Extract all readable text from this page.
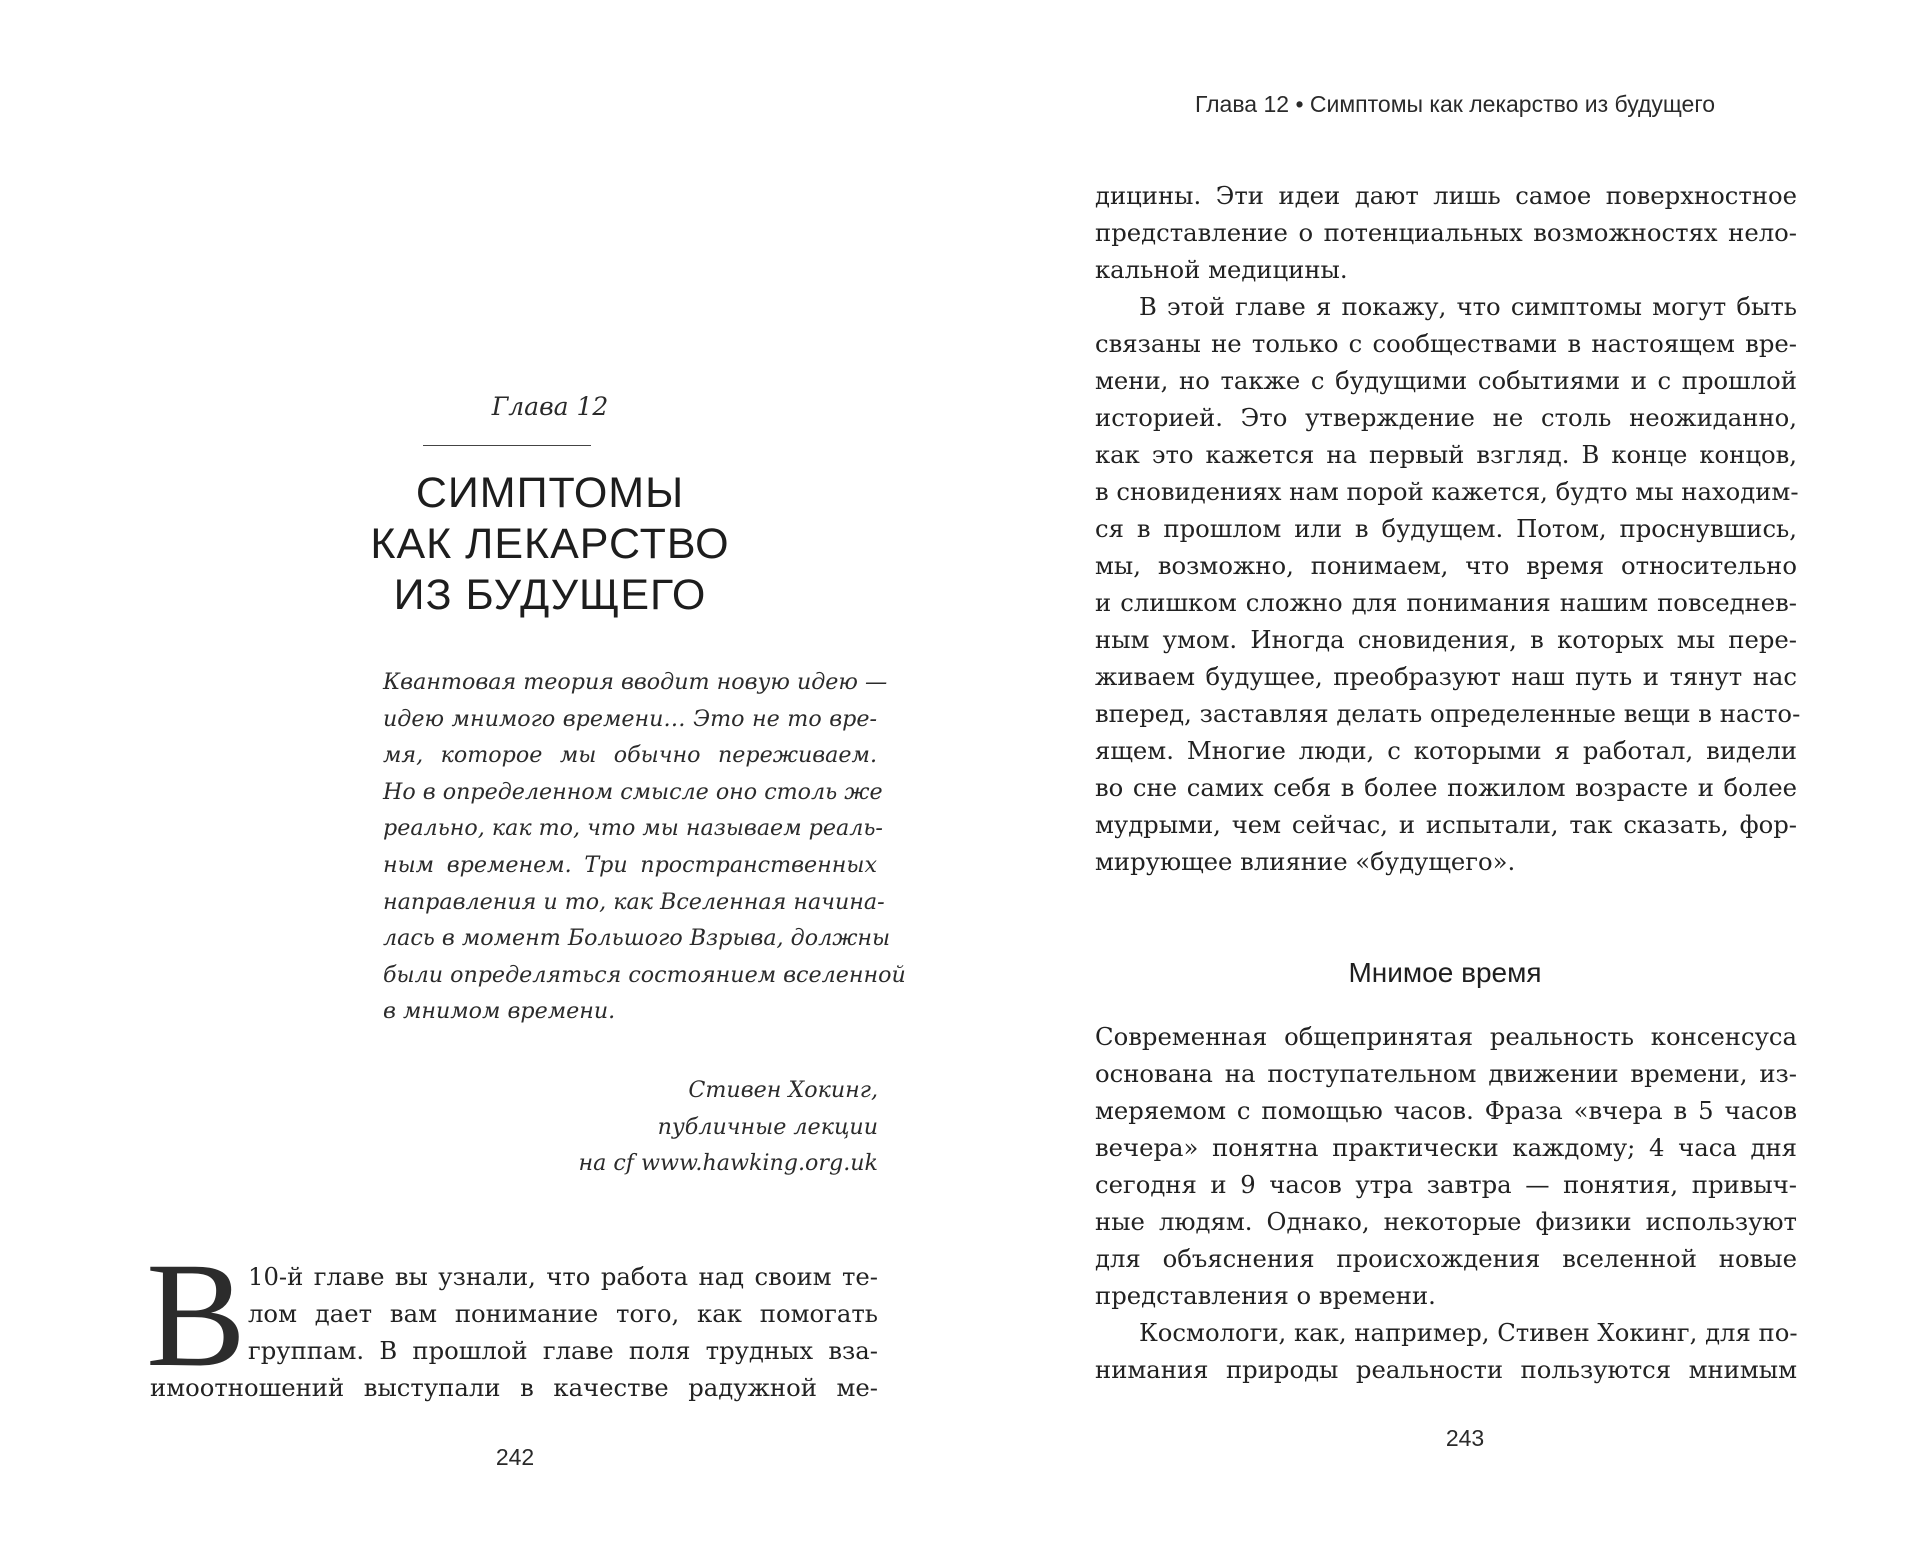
Глава 12
СИМПТОМЫ
КАК ЛЕКАРСТВО
ИЗ БУДУЩЕГО
Квантовая теория вводит новую идею —
идею мнимого времени… Это не то вре-
мя, которое мы обычно переживаем.
Но в определенном смысле оно столь же
реально, как то, что мы называем реаль-
ным временем. Три пространственных
направления и то, как Вселенная начина-
лась в момент Большого Взрыва, должны
были определяться состоянием вселенной
в мнимом времени.
Стивен Хокинг,
публичные лекции
на cf www.hawking.org.uk
В 10-й главе вы узнали, что работа над своим те-
лом дает вам понимание того, как помогать
группам. В прошлой главе поля трудных вза-
имоотношений выступали в качестве радужной ме-
242
Глава 12 • Симптомы как лекарство из будущего
дицины. Эти идеи дают лишь самое поверхностное
представление о потенциальных возможностях нело-
кальной медицины.
В этой главе я покажу, что симптомы могут быть
связаны не только с сообществами в настоящем вре-
мени, но также с будущими событиями и с прошлой
историей. Это утверждение не столь неожиданно,
как это кажется на первый взгляд. В конце концов,
в сновидениях нам порой кажется, будто мы находим-
ся в прошлом или в будущем. Потом, проснувшись,
мы, возможно, понимаем, что время относительно
и слишком сложно для понимания нашим повседнев-
ным умом. Иногда сновидения, в которых мы пере-
живаем будущее, преобразуют наш путь и тянут нас
вперед, заставляя делать определенные вещи в насто-
ящем. Многие люди, с которыми я работал, видели
во сне самих себя в более пожилом возрасте и более
мудрыми, чем сейчас, и испытали, так сказать, фор-
мирующее влияние «будущего».
Мнимое время
Современная общепринятая реальность консенсуса
основана на поступательном движении времени, из-
меряемом с помощью часов. Фраза «вчера в 5 часов
вечера» понятна практически каждому; 4 часа дня
сегодня и 9 часов утра завтра — понятия, привыч-
ные людям. Однако, некоторые физики используют
для объяснения происхождения вселенной новые
представления о времени.
Космологи, как, например, Стивен Хокинг, для по-
нимания природы реальности пользуются мнимым
243
